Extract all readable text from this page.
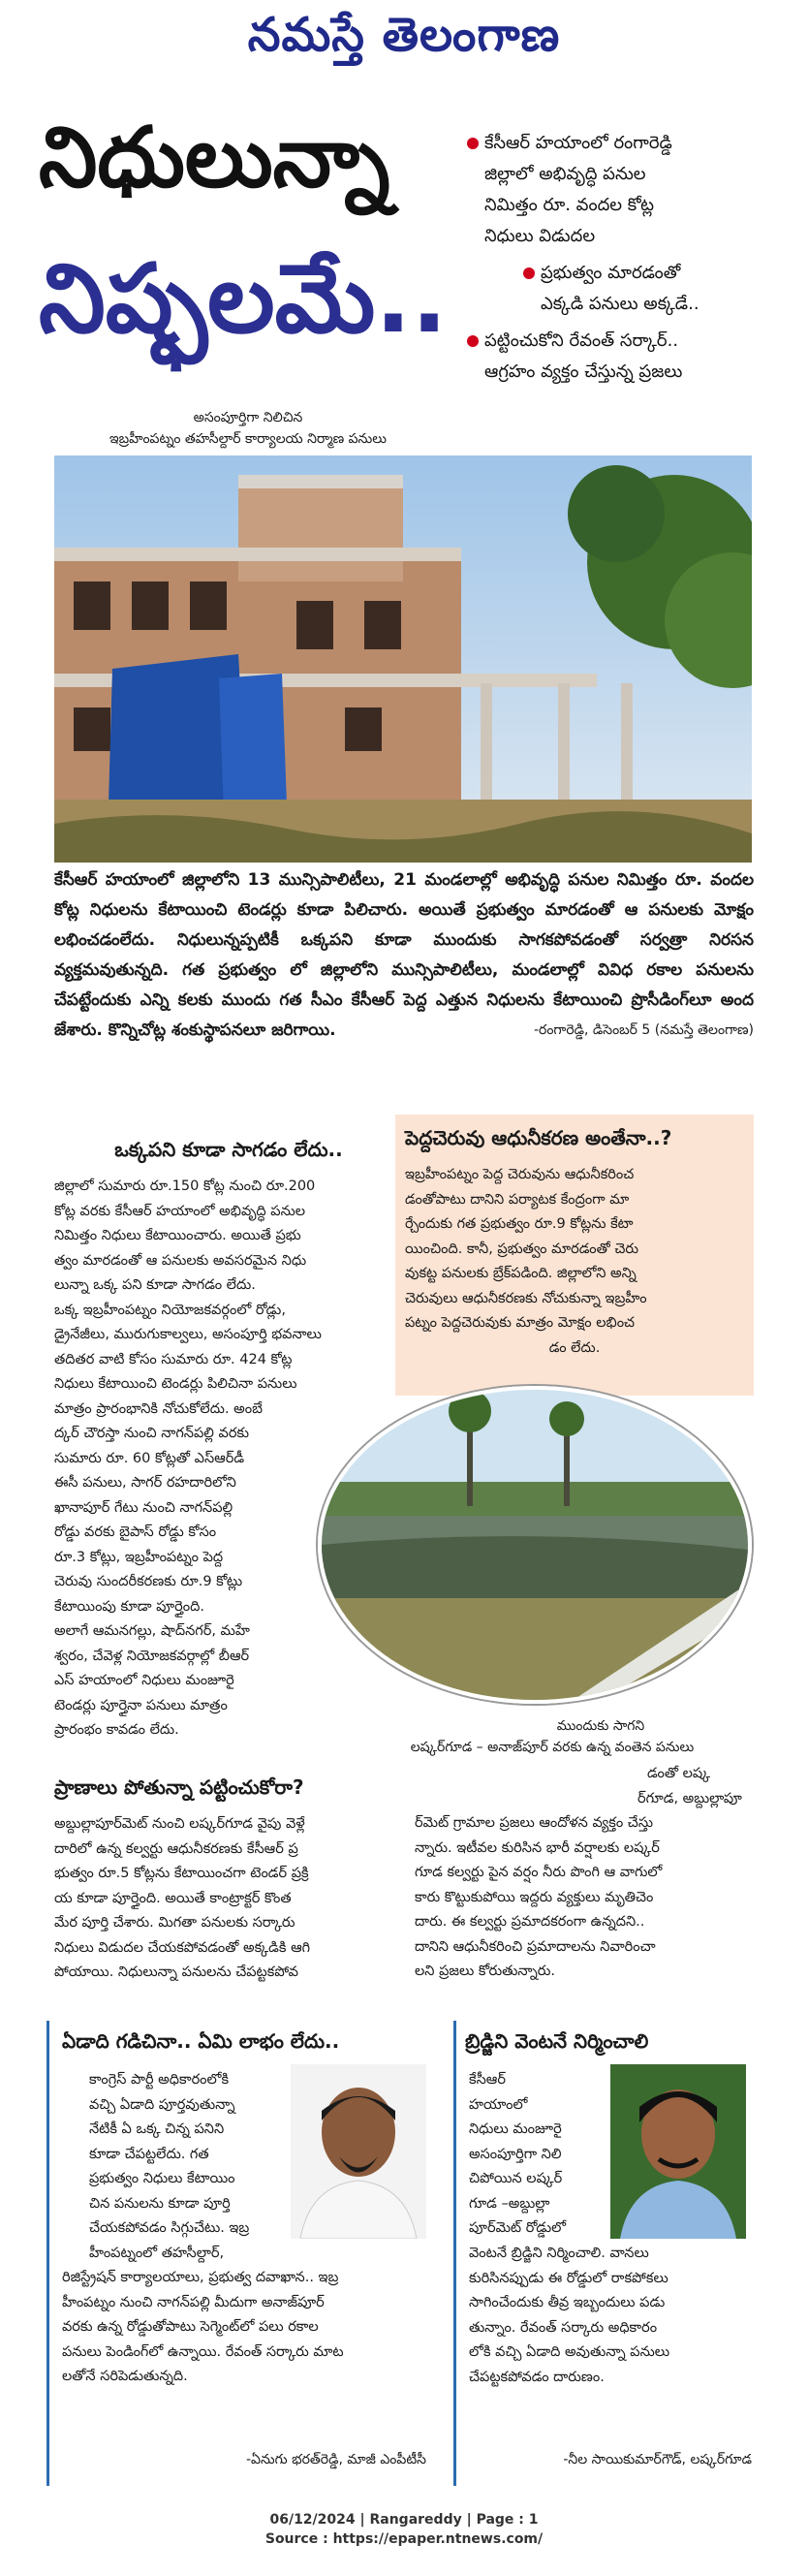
నమస్తే తెలంగాణ
నిధులున్నా
నిష్ఫలమే..
కేసీఆర్ హయాంలో రంగారెడ్డి
జిల్లాలో అభివృద్ధి పనుల
నిమిత్తం రూ. వందల కోట్ల
నిధులు విడుదల
ప్రభుత్వం మారడంతో
ఎక్కడి పనులు అక్కడే..
పట్టించుకోని రేవంత్ సర్కార్..
ఆగ్రహం వ్యక్తం చేస్తున్న ప్రజలు
అసంపూర్తిగా నిలిచిన
ఇబ్రహీంపట్నం తహసీల్దార్ కార్యాలయ నిర్మాణ పనులు
కేసీఆర్ హయాంలో జిల్లాలోని 13 మున్సిపాలిటీలు, 21 మండలాల్లో అభివృద్ధి పనుల నిమిత్తం రూ. వందల కోట్ల నిధులను కేటాయించి టెండర్లు కూడా పిలిచారు. అయితే ప్రభుత్వం మారడంతో ఆ పనులకు మోక్షం లభించడంలేదు. నిధులున్నప్పటికీ ఒక్కపని కూడా ముందుకు సాగకపోవడంతో సర్వత్రా నిరసన వ్యక్తమవుతున్నది. గత ప్రభుత్వం లో జిల్లాలోని మున్సిపాలిటీలు, మండలాల్లో వివిధ రకాల పనులను చేపట్టేందుకు ఎన్ని కలకు ముందు గత సీఎం కేసీఆర్ పెద్ద ఎత్తున నిధులను కేటాయించి ప్రొసీడింగ్‌లూ అంద జేశారు. కొన్నిచోట్ల శంకుస్థాపనలూ జరిగాయి.	-రంగారెడ్డి, డిసెంబర్ 5 (నమస్తే తెలంగాణ)
ఒక్కపని కూడా సాగడం లేదు..
జిల్లాలో సుమారు రూ.150 కోట్ల నుంచి రూ.200
కోట్ల వరకు కేసీఆర్ హయాంలో అభివృద్ధి పనుల
నిమిత్తం నిధులు కేటాయించారు. అయితే ప్రభు
త్వం మారడంతో ఆ పనులకు అవసరమైన నిధు
లున్నా ఒక్క పని కూడా సాగడం లేదు.
ఒక్క ఇబ్రహీంపట్నం నియోజకవర్గంలో రోడ్లు,
డ్రైనేజీలు, మురుగుకాల్వలు, అసంపూర్తి భవనాలు
తదితర వాటి కోసం సుమారు రూ. 424 కోట్ల
నిధులు కేటాయించి టెండర్లు పిలిచినా పనులు
మాత్రం ప్రారంభానికి నోచుకోలేదు. అంబే
ద్కర్ చౌరస్తా నుంచి నాగన్‌పల్లి వరకు
సుమారు రూ. 60 కోట్లతో ఎస్‌ఆర్‌డీ
ఈసీ పనులు, సాగర్ రహదారిలోని
ఖానాపూర్ గేటు నుంచి నాగన్‌పల్లి
రోడ్డు వరకు బైపాస్ రోడ్డు కోసం
రూ.3 కోట్లు, ఇబ్రహీంపట్నం పెద్ద
చెరువు సుందరీకరణకు రూ.9 కోట్లు
కేటాయింపు కూడా పూర్తైంది.
అలాగే ఆమనగల్లు, షాద్‌నగర్, మహే
శ్వరం, చేవెళ్ల నియోజకవర్గాల్లో బీఆర్
ఎస్ హయాంలో నిధులు మంజూరై
టెండర్లు పూర్తైనా పనులు మాత్రం
ప్రారంభం కావడం లేదు.
పెద్దచెరువు ఆధునీకరణ అంతేనా..?
ఇబ్రహీంపట్నం పెద్ద చెరువును ఆధునీకరించ
డంతోపాటు దానిని పర్యాటక కేంద్రంగా మా
ర్చేందుకు గత ప్రభుత్వం రూ.9 కోట్లను కేటా
యించింది. కానీ, ప్రభుత్వం మారడంతో చెరు
వుకట్ట పనులకు బ్రేక్‌పడింది. జిల్లాలోని అన్ని
చెరువులు ఆధునీకరణకు నోచుకున్నా ఇబ్రహీం
పట్నం పెద్దచెరువుకు మాత్రం మోక్షం లభించ
డం లేదు.
ముందుకు సాగని
లష్కర్‌గూడ – అనాజ్‌పూర్ వరకు ఉన్న వంతెన పనులు
ప్రాణాలు పోతున్నా పట్టించుకోరా?
అబ్దుల్లాపూర్‌మెట్ నుంచి లష్కర్‌గూడ వైపు వెళ్లే
దారిలో ఉన్న కల్వర్టు ఆధునీకరణకు కేసీఆర్ ప్ర
భుత్వం రూ.5 కోట్లను కేటాయించగా టెండర్ ప్రక్రి
య కూడా పూర్తైంది. అయితే కాంట్రాక్టర్ కొంత
మేర పూర్తి చేశారు. మిగతా పనులకు సర్కారు
నిధులు విడుదల చేయకపోవడంతో అక్కడికి ఆగి
పోయాయి. నిధులున్నా పనులను చేపట్టకపోవ
డంతో లష్క
ర్‌గూడ, అబ్దుల్లాపూ
ర్‌మెట్ గ్రామాల ప్రజలు ఆందోళన వ్యక్తం చేస్తు
న్నారు. ఇటీవల కురిసిన భారీ వర్షాలకు లష్కర్
గూడ కల్వర్టు పైన వర్షం నీరు పొంగి ఆ వాగులో
కారు కొట్టుకుపోయి ఇద్దరు వ్యక్తులు మృతిచెం
దారు. ఈ కల్వర్టు ప్రమాదకరంగా ఉన్నదని..
దానిని ఆధునీకరించి ప్రమాదాలను నివారించా
లని ప్రజలు కోరుతున్నారు.
ఏడాది గడిచినా.. ఏమి లాభం లేదు..
కాంగ్రెస్ పార్టీ అధికారంలోకి
వచ్చి ఏడాది పూర్తవుతున్నా
నేటికీ ఏ ఒక్క చిన్న పనిని
కూడా చేపట్టలేదు. గత
ప్రభుత్వం నిధులు కేటాయిం
చిన పనులను కూడా పూర్తి
చేయకపోవడం సిగ్గుచేటు. ఇబ్ర
హీంపట్నంలో తహసీల్దార్,
రిజిస్ట్రేషన్ కార్యాలయాలు, ప్రభుత్వ దవాఖాన.. ఇబ్ర
హీంపట్నం నుంచి నాగన్‌పల్లి మీదుగా అనాజ్‌పూర్
వరకు ఉన్న రోడ్డుతోపాటు సెగ్మెంట్‌లో పలు రకాల
పనులు పెండింగ్‌లో ఉన్నాయి. రేవంత్ సర్కారు మాట
లతోనే సరిపెడుతున్నది.
-ఏనుగు భరత్‌రెడ్డి, మాజీ ఎంపీటీసీ
బ్రిడ్జిని వెంటనే నిర్మించాలి
కేసీఆర్
హయాంలో
నిధులు మంజూరై
అసంపూర్తిగా నిలి
చిపోయిన లష్కర్
గూడ –అబ్దుల్లా
పూర్‌మెట్ రోడ్డులో
వెంటనే బ్రిడ్జిని నిర్మించాలి. వానలు
కురిసినప్పుడు ఈ రోడ్డులో రాకపోకలు
సాగించేందుకు తీవ్ర ఇబ్బందులు పడు
తున్నాం. రేవంత్ సర్కారు అధికారం
లోకి వచ్చి ఏడాది అవుతున్నా పనులు
చేపట్టకపోవడం దారుణం.
-నీల సాయికుమార్‌గౌడ్, లష్కర్‌గూడ
06/12/2024 | Rangareddy | Page : 1
Source : https://epaper.ntnews.com/
